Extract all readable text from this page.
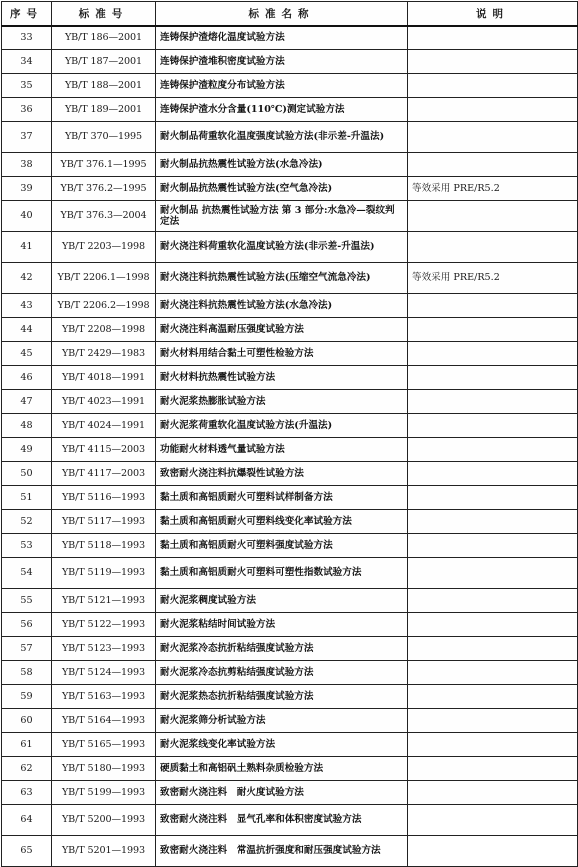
序号	标准号	标准名称	说明
33	YB/T 186—2001	连铸保护渣熔化温度试验方法	
34	YB/T 187—2001	连铸保护渣堆积密度试验方法	
35	YB/T 188—2001	连铸保护渣粒度分布试验方法	
36	YB/T 189—2001	连铸保护渣水分含量(110℃)测定试验方法	
37	YB/T 370—1995	耐火制品荷重软化温度强度试验方法(非示差-升温法)	
38	YB/T 376.1—1995	耐火制品抗热震性试验方法(水急冷法)	
39	YB/T 376.2—1995	耐火制品抗热震性试验方法(空气急冷法)	等效采用 PRE/R5.2
40	YB/T 376.3—2004	耐火制品 抗热震性试验方法 第 3 部分:水急冷—裂纹判定法	
41	YB/T 2203—1998	耐火浇注料荷重软化温度试验方法(非示差-升温法)	
42	YB/T 2206.1—1998	耐火浇注料抗热震性试验方法(压缩空气流急冷法)	等效采用 PRE/R5.2
43	YB/T 2206.2—1998	耐火浇注料抗热震性试验方法(水急冷法)	
44	YB/T 2208—1998	耐火浇注料高温耐压强度试验方法	
45	YB/T 2429—1983	耐火材料用结合黏土可塑性检验方法	
46	YB/T 4018—1991	耐火材料抗热震性试验方法	
47	YB/T 4023—1991	耐火泥浆热膨胀试验方法	
48	YB/T 4024—1991	耐火泥浆荷重软化温度试验方法(升温法)	
49	YB/T 4115—2003	功能耐火材料透气量试验方法	
50	YB/T 4117—2003	致密耐火浇注料抗爆裂性试验方法	
51	YB/T 5116—1993	黏土质和高铝质耐火可塑料试样制备方法	
52	YB/T 5117—1993	黏土质和高铝质耐火可塑料线变化率试验方法	
53	YB/T 5118—1993	黏土质和高铝质耐火可塑料强度试验方法	
54	YB/T 5119—1993	黏土质和高铝质耐火可塑料可塑性指数试验方法	
55	YB/T 5121—1993	耐火泥浆稠度试验方法	
56	YB/T 5122—1993	耐火泥浆粘结时间试验方法	
57	YB/T 5123—1993	耐火泥浆冷态抗折粘结强度试验方法	
58	YB/T 5124—1993	耐火泥浆冷态抗剪粘结强度试验方法	
59	YB/T 5163—1993	耐火泥浆热态抗折粘结强度试验方法	
60	YB/T 5164—1993	耐火泥浆筛分析试验方法	
61	YB/T 5165—1993	耐火泥浆线变化率试验方法	
62	YB/T 5180—1993	硬质黏土和高铝矾土熟料杂质检验方法	
63	YB/T 5199—1993	致密耐火浇注料　耐火度试验方法	
64	YB/T 5200—1993	致密耐火浇注料　显气孔率和体积密度试验方法	
65	YB/T 5201—1993	致密耐火浇注料　常温抗折强度和耐压强度试验方法	
